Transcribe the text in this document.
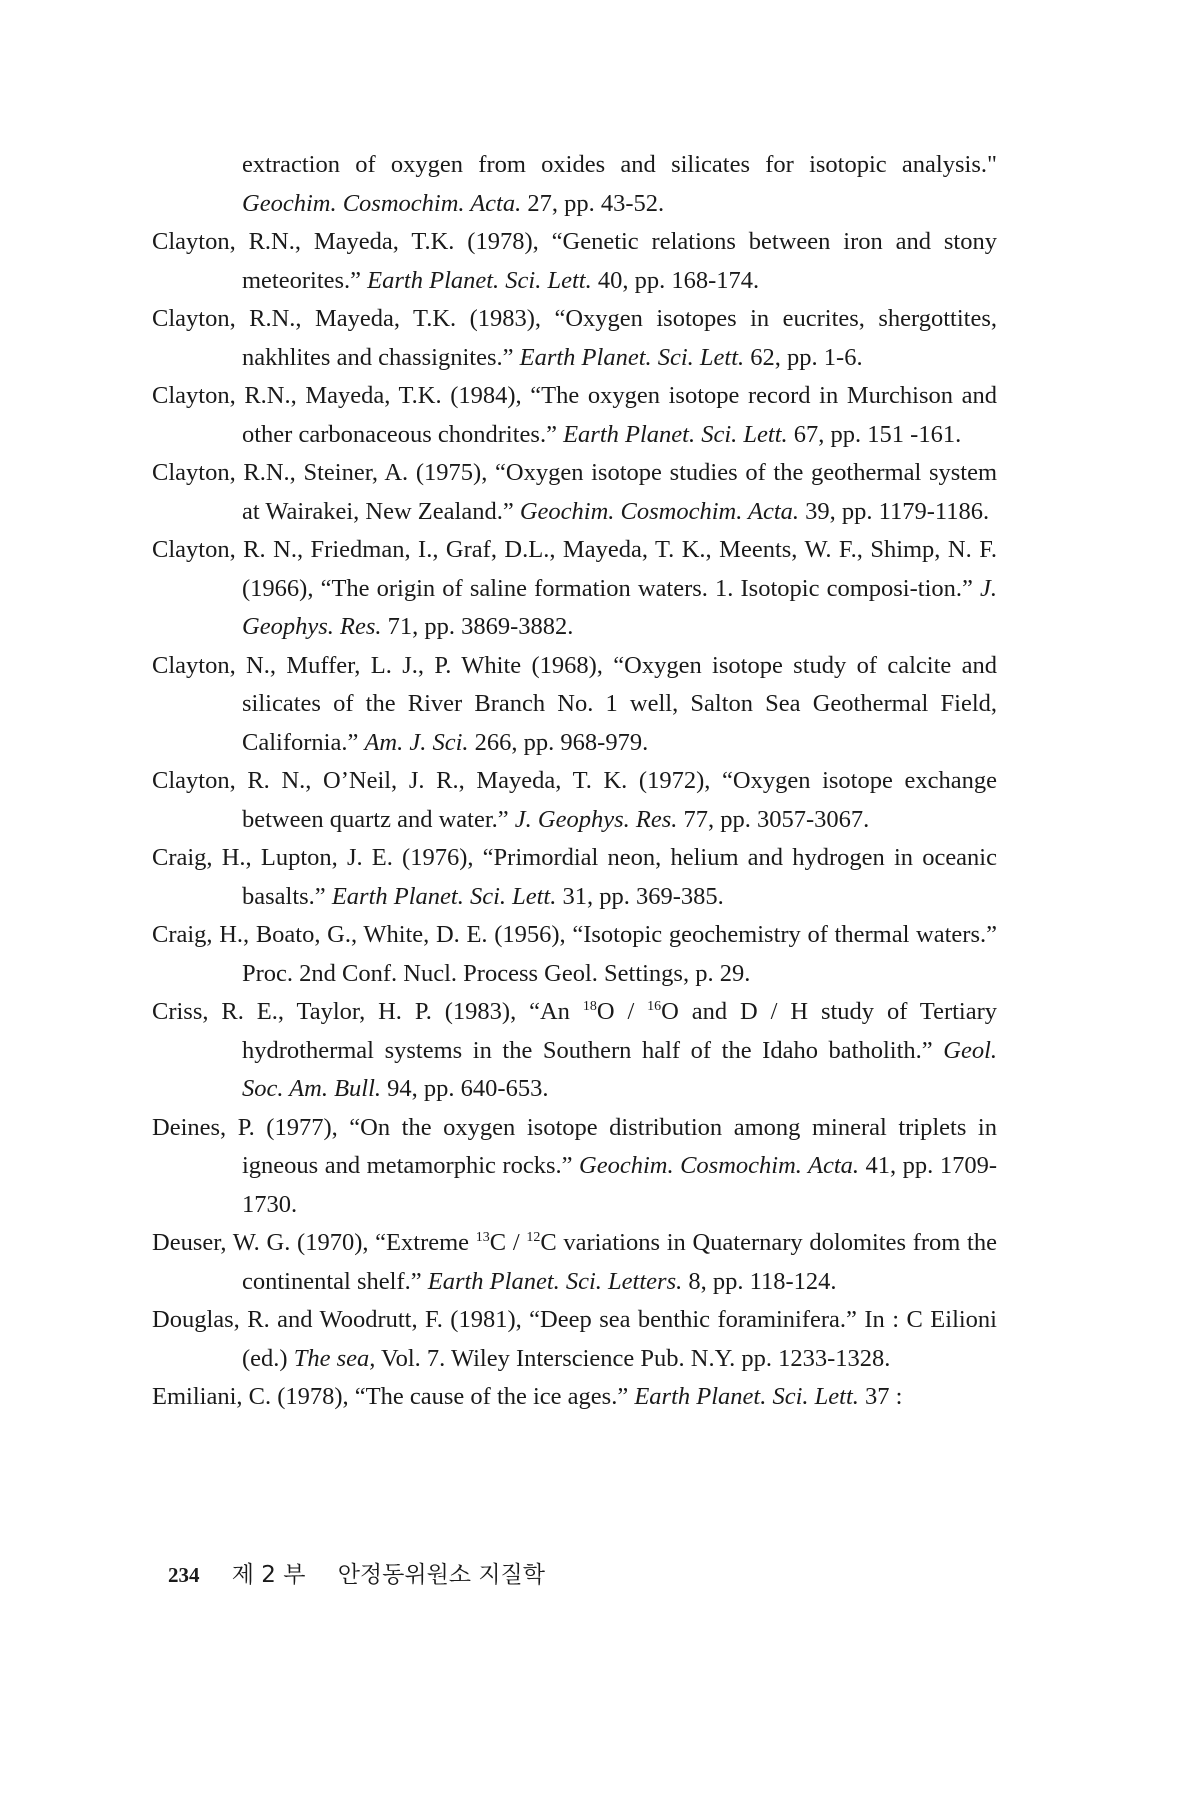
extraction of oxygen from oxides and silicates for isotopic analysis." Geochim. Cosmochim. Acta. 27, pp. 43-52.

Clayton, R.N., Mayeda, T.K. (1978), “Genetic relations between iron and stony meteorites.” Earth Planet. Sci. Lett. 40, pp. 168-174.

Clayton, R.N., Mayeda, T.K. (1983), “Oxygen isotopes in eucrites, shergottites, nakhlites and chassignites.” Earth Planet. Sci. Lett. 62, pp. 1-6.

Clayton, R.N., Mayeda, T.K. (1984), “The oxygen isotope record in Murchison and other carbonaceous chondrites.” Earth Planet. Sci. Lett. 67, pp. 151 -161.

Clayton, R.N., Steiner, A. (1975), “Oxygen isotope studies of the geothermal system at Wairakei, New Zealand.” Geochim. Cosmochim. Acta. 39, pp. 1179-1186.

Clayton, R. N., Friedman, I., Graf, D.L., Mayeda, T. K., Meents, W. F., Shimp, N. F. (1966), “The origin of saline formation waters. 1. Isotopic composi-tion.” J. Geophys. Res. 71, pp. 3869-3882.

Clayton, N., Muffer, L. J., P. White (1968), “Oxygen isotope study of calcite and silicates of the River Branch No. 1 well, Salton Sea Geothermal Field, California.” Am. J. Sci. 266, pp. 968-979.

Clayton, R. N., O’Neil, J. R., Mayeda, T. K. (1972), “Oxygen isotope exchange between quartz and water.” J. Geophys. Res. 77, pp. 3057-3067.

Craig, H., Lupton, J. E. (1976), “Primordial neon, helium and hydrogen in oceanic basalts.” Earth Planet. Sci. Lett. 31, pp. 369-385.

Craig, H., Boato, G., White, D. E. (1956), “Isotopic geochemistry of thermal waters.” Proc. 2nd Conf. Nucl. Process Geol. Settings, p. 29.

Criss, R. E., Taylor, H. P. (1983), “An $^{18}$O / $^{16}$O and D / H study of Tertiary hydrothermal systems in the Southern half of the Idaho batholith.” Geol. Soc. Am. Bull. 94, pp. 640-653.

Deines, P. (1977), “On the oxygen isotope distribution among mineral triplets in igneous and metamorphic rocks.” Geochim. Cosmochim. Acta. 41, pp. 1709-1730.

Deuser, W. G. (1970), “Extreme $^{13}$C / $^{12}$C variations in Quaternary dolomites from the continental shelf.” Earth Planet. Sci. Letters. 8, pp. 118-124.

Douglas, R. and Woodrutt, F. (1981), “Deep sea benthic foraminifera.” In : C Eilioni (ed.) The sea, Vol. 7. Wiley Interscience Pub. N.Y. pp. 1233-1328.

Emiliani, C. (1978), “The cause of the ice ages.” Earth Planet. Sci. Lett. 37 :

234 제 2 부 안정동위원소 지질학
